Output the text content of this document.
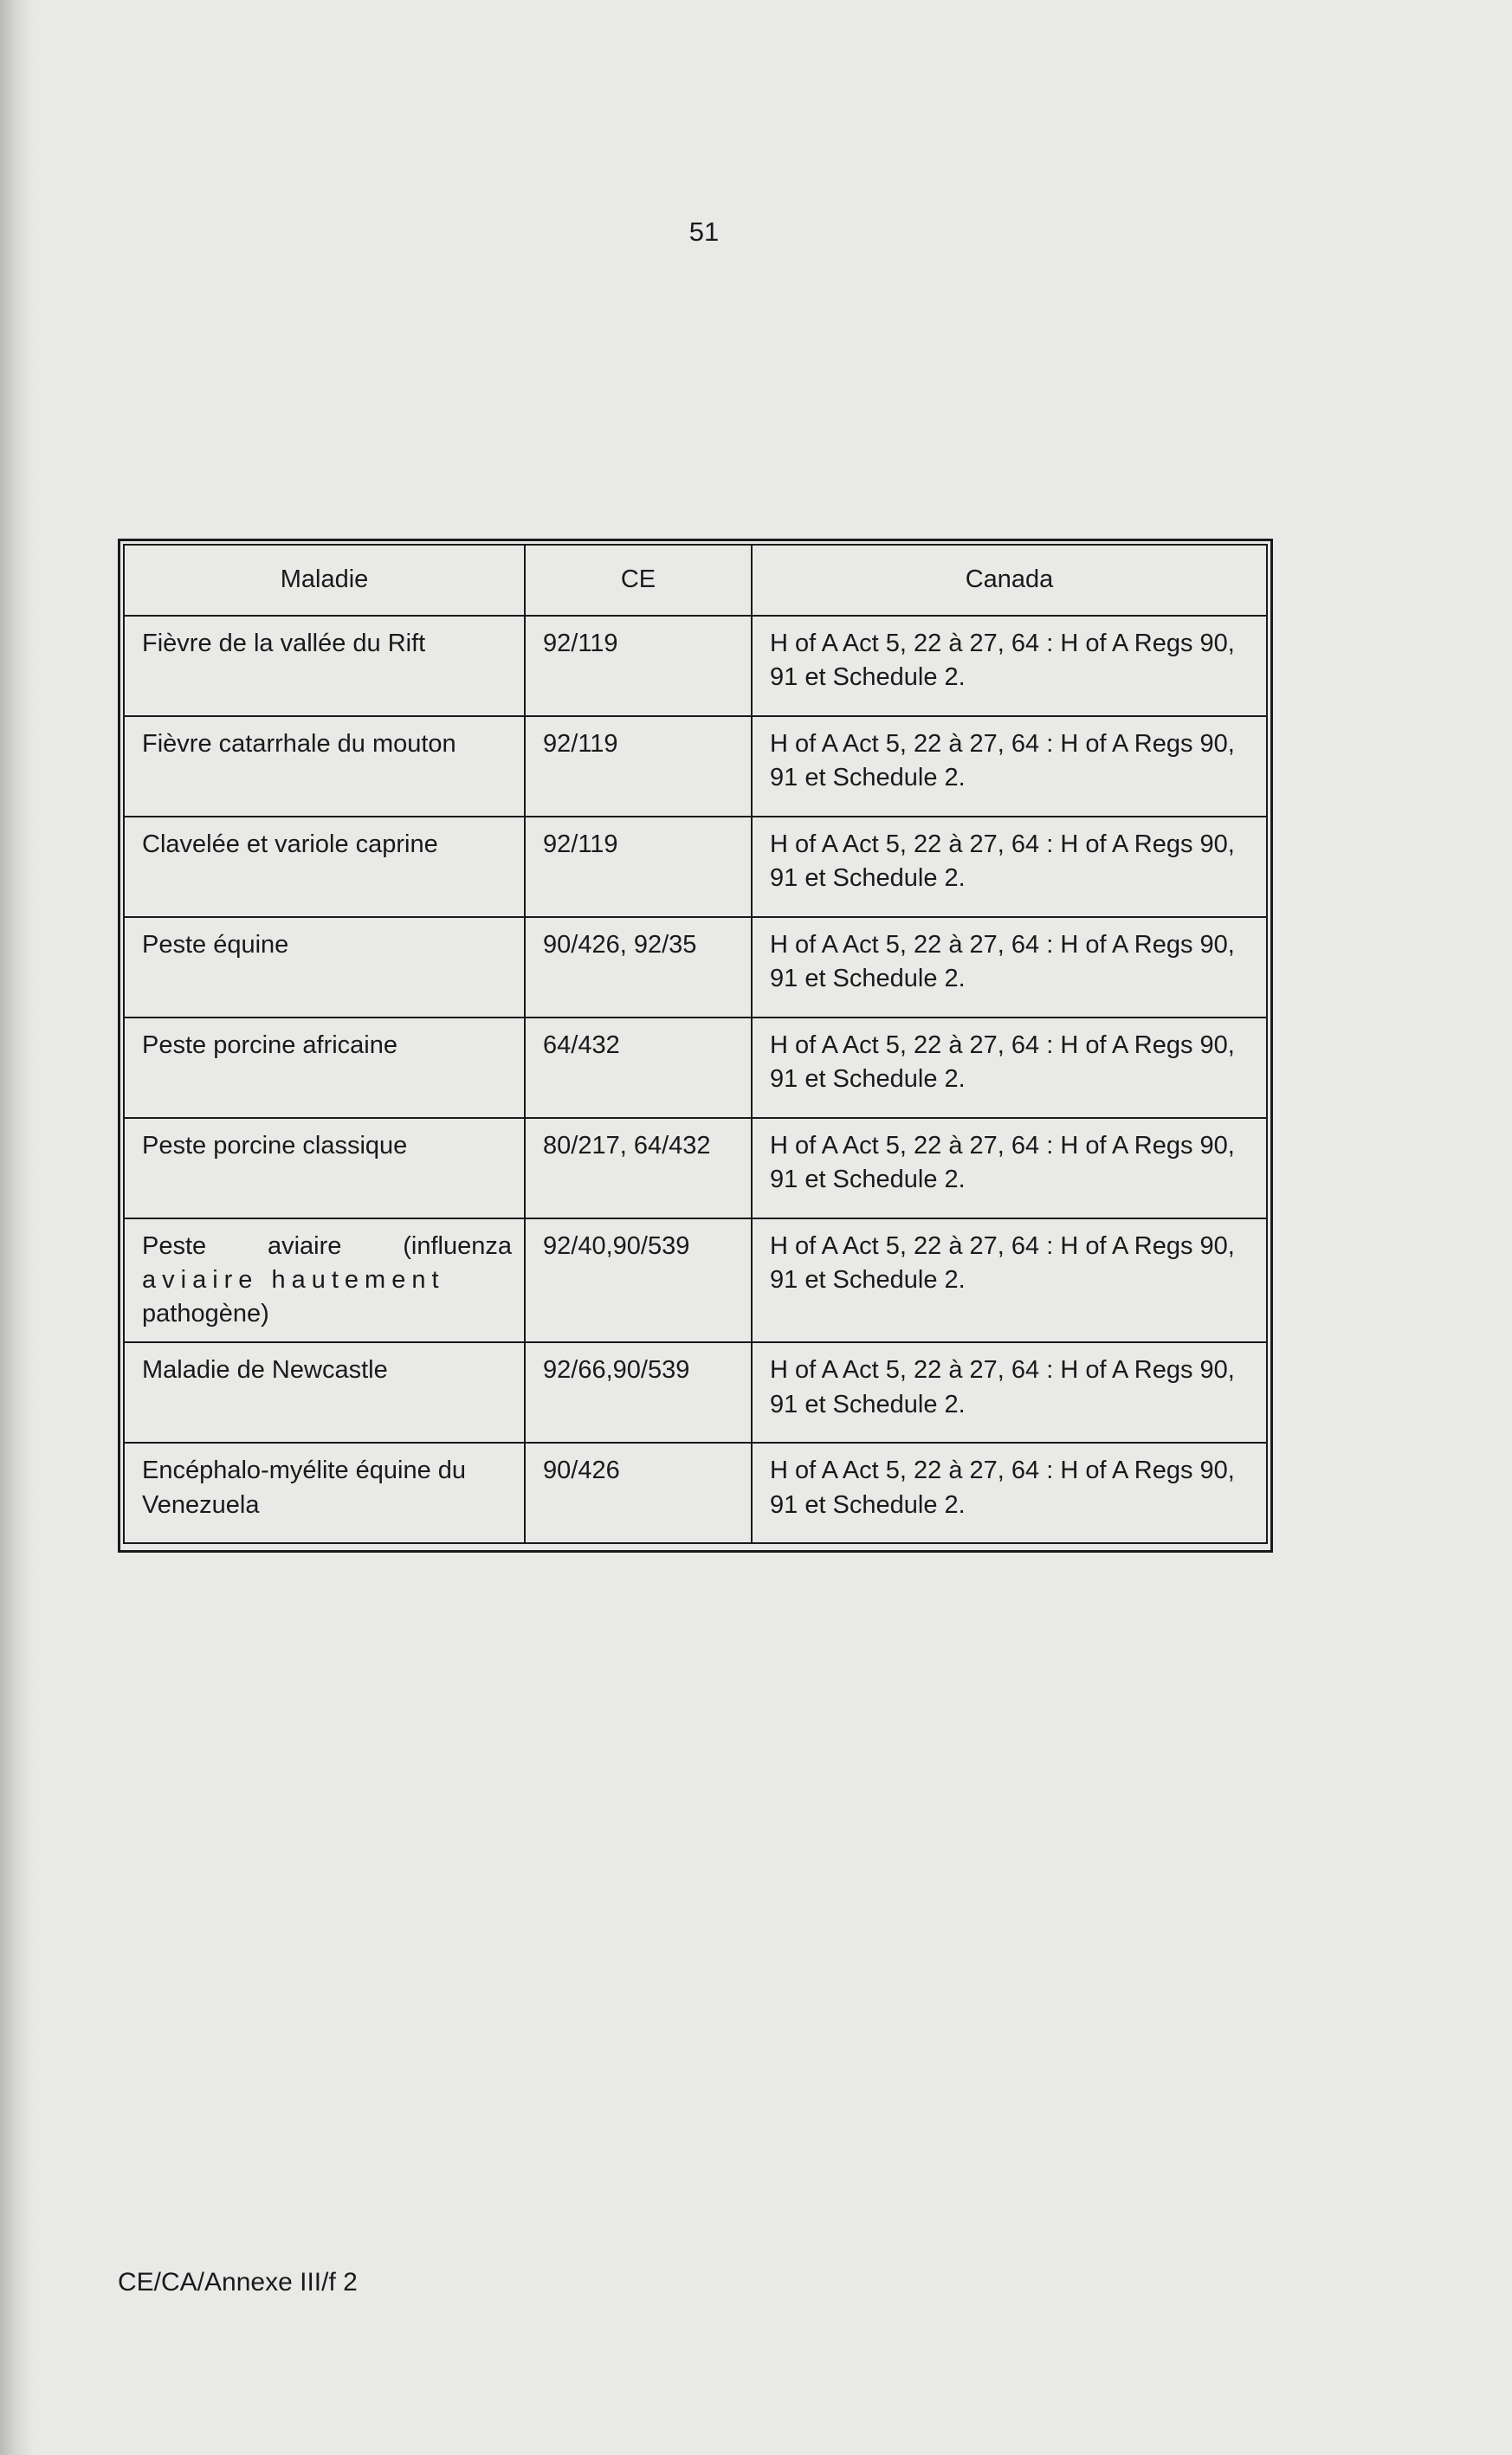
51
Maladie	CE	Canada
Fièvre de la vallée du Rift	92/119	H of A Act 5, 22 à 27, 64 : H of A Regs 90, 91 et Schedule 2.
Fièvre catarrhale du mouton	92/119	H of A Act 5, 22 à 27, 64 : H of A Regs 90, 91 et Schedule 2.
Clavelée et variole caprine	92/119	H of A Act 5, 22 à 27, 64 : H of A Regs 90, 91 et Schedule 2.
Peste équine	90/426, 92/35	H of A Act 5, 22 à 27, 64 : H of A Regs 90, 91 et Schedule 2.
Peste porcine africaine	64/432	H of A Act 5, 22 à 27, 64 : H of A Regs 90, 91 et Schedule 2.
Peste porcine classique	80/217, 64/432	H of A Act 5, 22 à 27, 64 : H of A Regs 90, 91 et Schedule 2.

Peste aviaire (influenza
aviaire hautement
pathogène)	92/40,90/539	H of A Act 5, 22 à 27, 64 : H of A Regs 90, 91 et Schedule 2.
Maladie de Newcastle	92/66,90/539	H of A Act 5, 22 à 27, 64 : H of A Regs 90, 91 et Schedule 2.
Encéphalo-myélite équine du Venezuela	90/426	H of A Act 5, 22 à 27, 64 : H of A Regs 90, 91 et Schedule 2.
CE/CA/Annexe III/f 2
